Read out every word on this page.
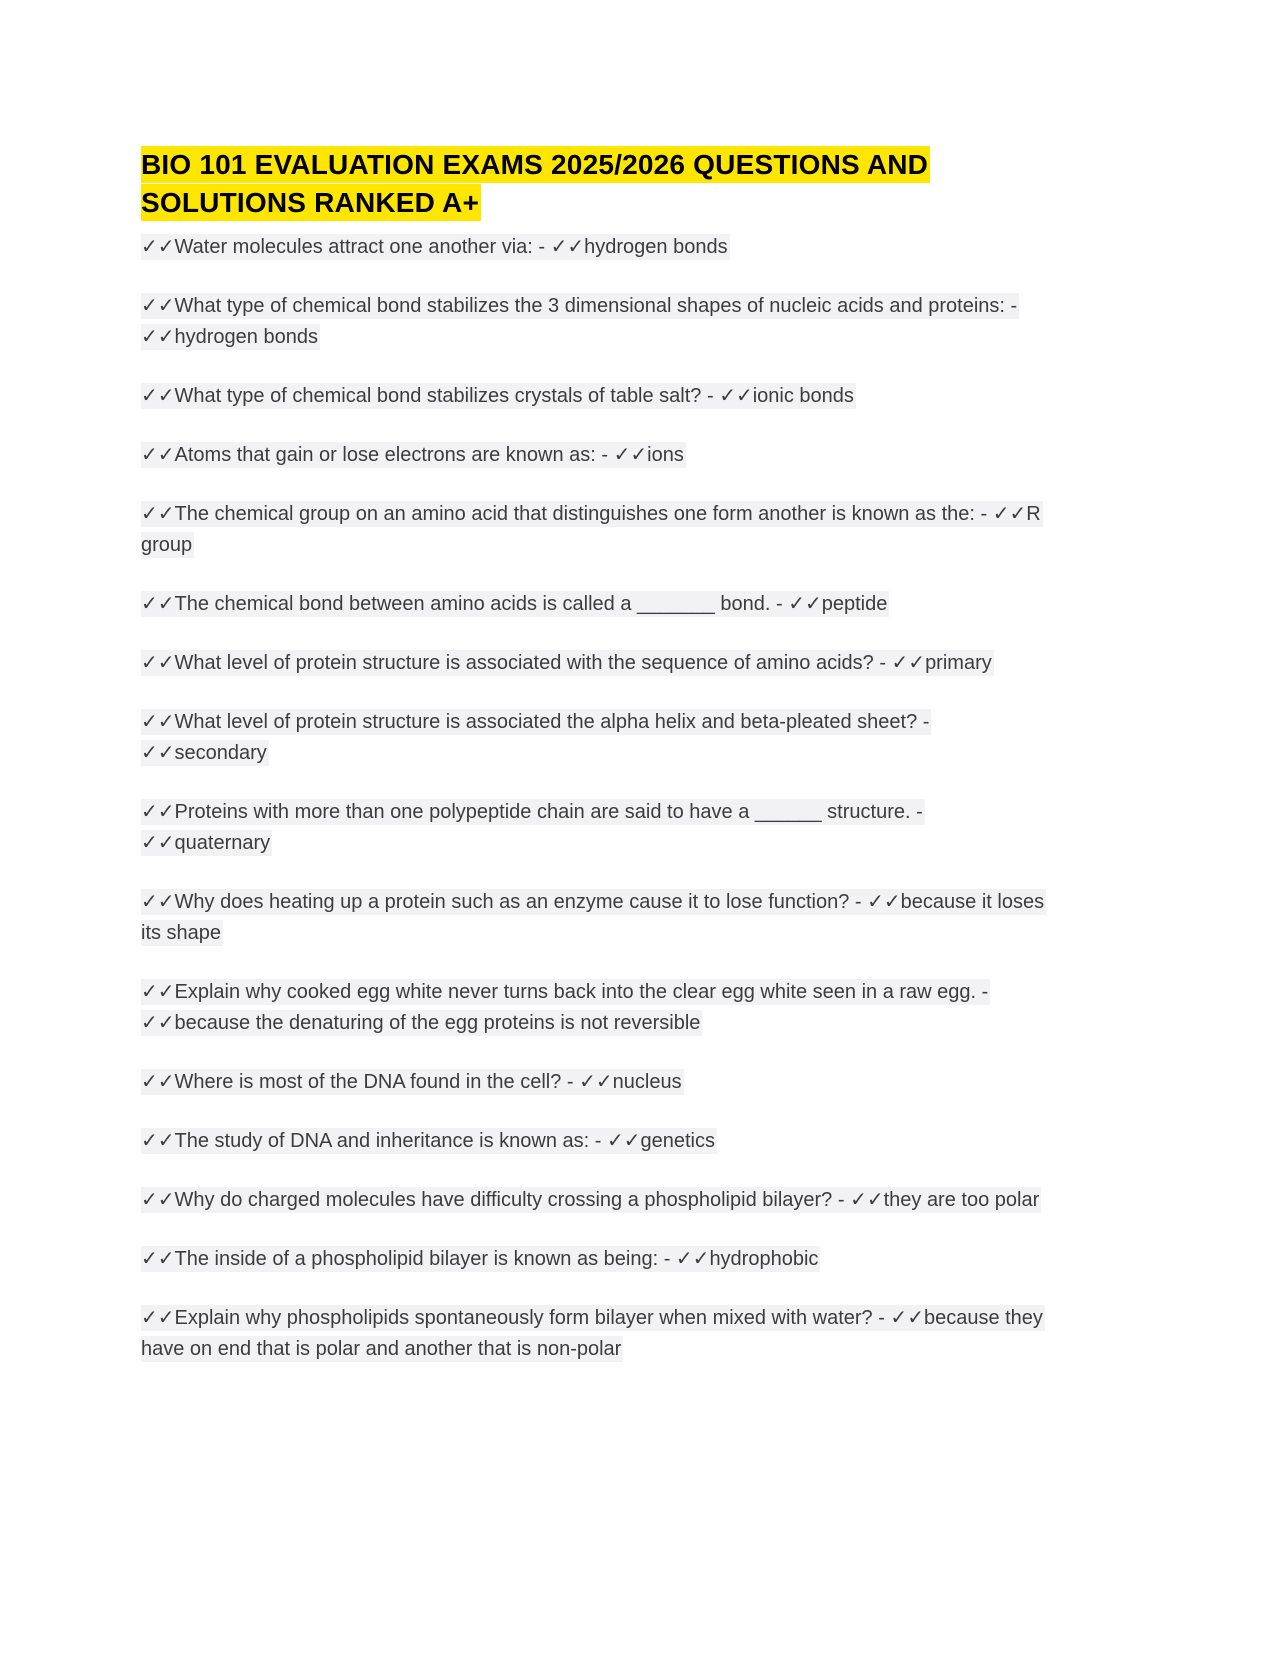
BIO 101 EVALUATION EXAMS 2025/2026 QUESTIONS AND SOLUTIONS RANKED A+

✓✓Water molecules attract one another via: - ✓✓hydrogen bonds

✓✓What type of chemical bond stabilizes the 3 dimensional shapes of nucleic acids and proteins: - ✓✓hydrogen bonds

✓✓What type of chemical bond stabilizes crystals of table salt? - ✓✓ionic bonds

✓✓Atoms that gain or lose electrons are known as: - ✓✓ions

✓✓The chemical group on an amino acid that distinguishes one form another is known as the: - ✓✓R group

✓✓The chemical bond between amino acids is called a _______ bond. - ✓✓peptide

✓✓What level of protein structure is associated with the sequence of amino acids? - ✓✓primary

✓✓What level of protein structure is associated the alpha helix and beta-pleated sheet? - ✓✓secondary

✓✓Proteins with more than one polypeptide chain are said to have a ______ structure. - ✓✓quaternary

✓✓Why does heating up a protein such as an enzyme cause it to lose function? - ✓✓because it loses its shape

✓✓Explain why cooked egg white never turns back into the clear egg white seen in a raw egg. - ✓✓because the denaturing of the egg proteins is not reversible

✓✓Where is most of the DNA found in the cell? - ✓✓nucleus

✓✓The study of DNA and inheritance is known as: - ✓✓genetics

✓✓Why do charged molecules have difficulty crossing a phospholipid bilayer? - ✓✓they are too polar

✓✓The inside of a phospholipid bilayer is known as being: - ✓✓hydrophobic

✓✓Explain why phospholipids spontaneously form bilayer when mixed with water? - ✓✓because they have on end that is polar and another that is non-polar
